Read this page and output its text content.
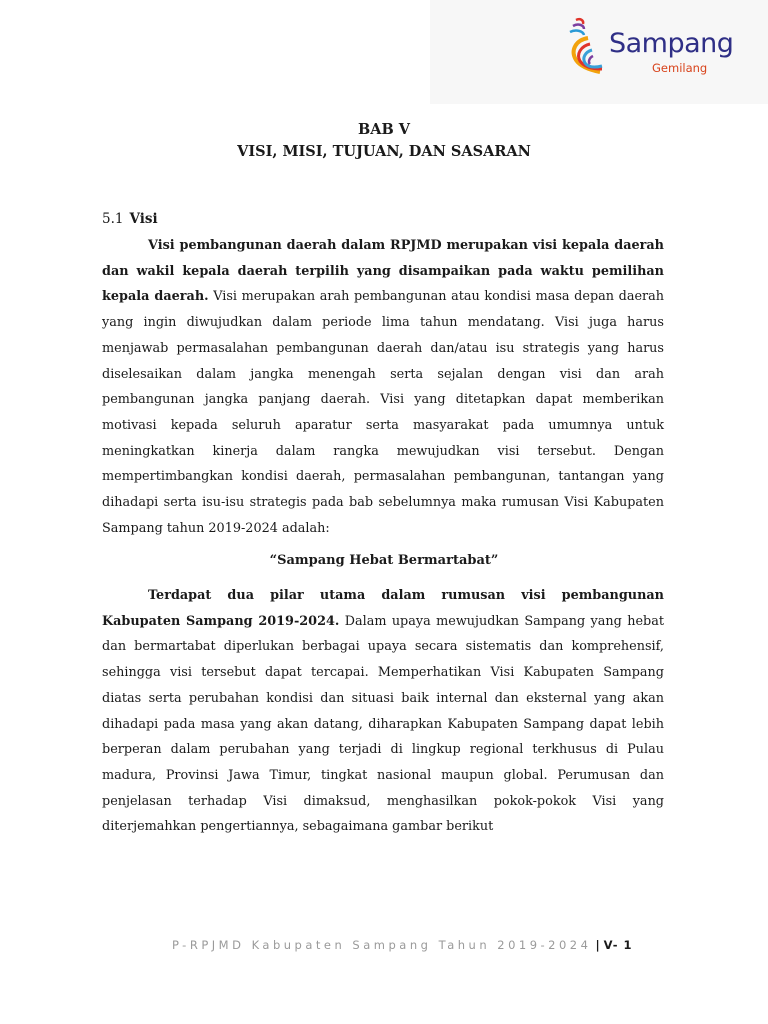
Sampang
Gemilang
BAB V
VISI, MISI, TUJUAN, DAN SASARAN
5.1 Visi

Visi pembangunan daerah dalam RPJMD merupakan visi kepala daerah dan wakil kepala daerah terpilih yang disampaikan pada waktu pemilihan kepala daerah. Visi merupakan arah pembangunan atau kondisi masa depan daerah yang ingin diwujudkan dalam periode lima tahun mendatang. Visi juga harus menjawab permasalahan pembangunan daerah dan/atau isu strategis yang harus diselesaikan dalam jangka menengah serta sejalan dengan visi dan arah pembangunan jangka panjang daerah. Visi yang ditetapkan dapat memberikan motivasi kepada seluruh aparatur serta masyarakat pada umumnya untuk meningkatkan kinerja dalam rangka mewujudkan visi tersebut. Dengan mempertimbangkan kondisi daerah, permasalahan pembangunan, tantangan yang dihadapi serta isu-isu strategis pada bab sebelumnya maka rumusan Visi Kabupaten Sampang tahun 2019-2024 adalah:

“Sampang Hebat Bermartabat”

Terdapat dua pilar utama dalam rumusan visi pembangunan Kabupaten Sampang 2019-2024. Dalam upaya mewujudkan Sampang yang hebat dan bermartabat diperlukan berbagai upaya secara sistematis dan komprehensif, sehingga visi tersebut dapat tercapai. Memperhatikan Visi Kabupaten Sampang diatas serta perubahan kondisi dan situasi baik internal dan eksternal yang akan dihadapi pada masa yang akan datang, diharapkan Kabupaten Sampang dapat lebih berperan dalam perubahan yang terjadi di lingkup regional terkhusus di Pulau madura, Provinsi Jawa Timur, tingkat nasional maupun global. Perumusan dan penjelasan terhadap Visi dimaksud, menghasilkan pokok-pokok Visi yang diterjemahkan pengertiannya, sebagaimana gambar berikut

P-RPJMD Kabupaten Sampang Tahun 2019-2024 | V- 1
